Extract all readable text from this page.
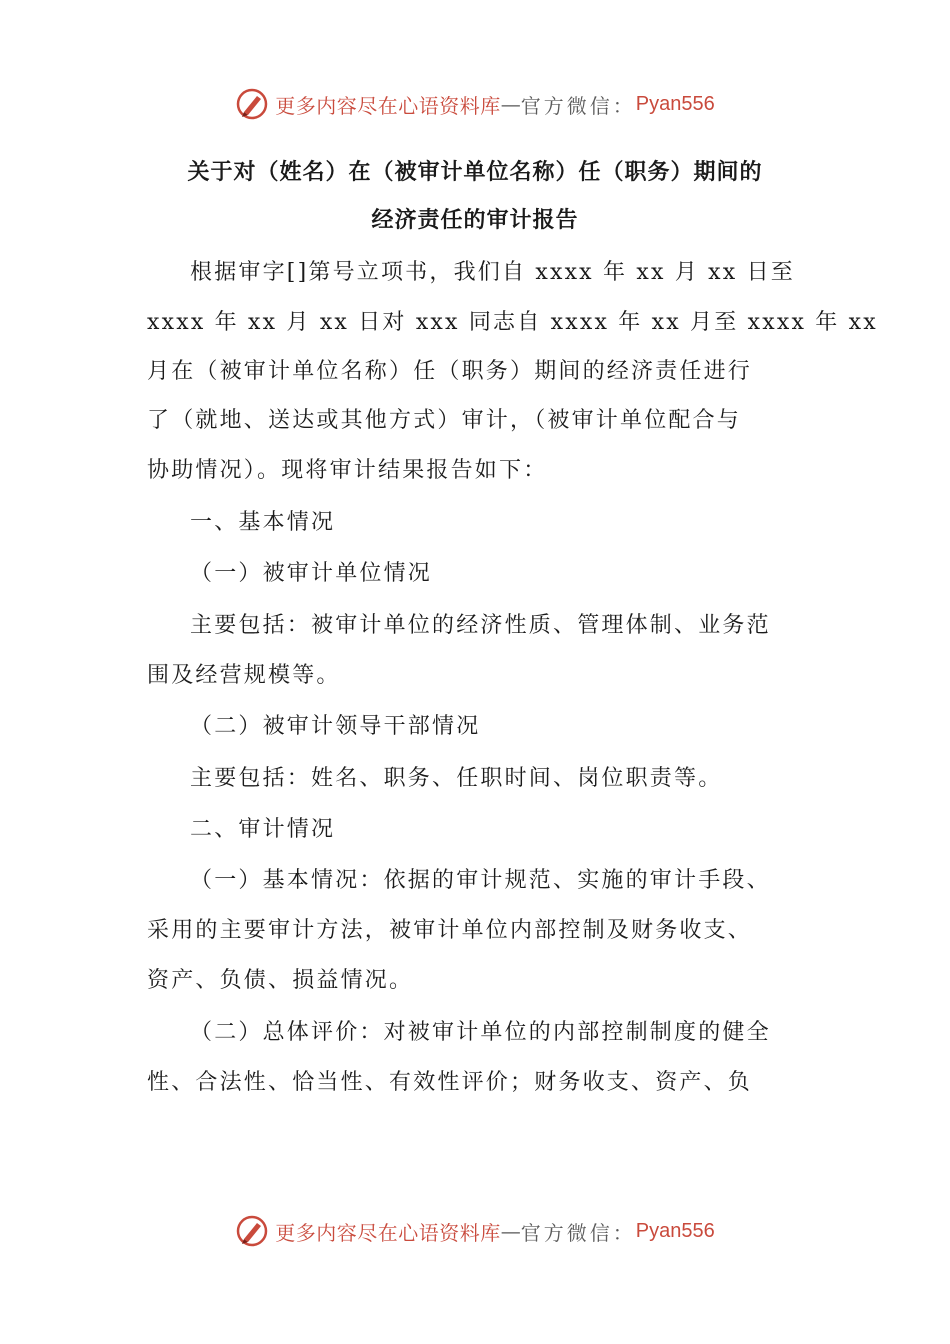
更多内容尽在心语资料库 — 官方微信： Pyan556
关于对（姓名）在（被审计单位名称）任（职务）期间的
经济责任的审计报告
根据审字[]第号立项书，我们自 xxxx 年 xx 月 xx 日至
xxxx 年 xx 月 xx 日对 xxx 同志自 xxxx 年 xx 月至 xxxx 年 xx
月在（被审计单位名称）任（职务）期间的经济责任进行
了（就地、送达或其他方式）审计，（被审计单位配合与
协助情况）。现将审计结果报告如下：
一、基本情况
（一）被审计单位情况
主要包括：被审计单位的经济性质、管理体制、业务范
围及经营规模等。
（二）被审计领导干部情况
主要包括：姓名、职务、任职时间、岗位职责等。
二、审计情况
（一）基本情况：依据的审计规范、实施的审计手段、
采用的主要审计方法，被审计单位内部控制及财务收支、
资产、负债、损益情况。
（二）总体评价：对被审计单位的内部控制制度的健全
性、合法性、恰当性、有效性评价；财务收支、资产、负
更多内容尽在心语资料库 — 官方微信： Pyan556
